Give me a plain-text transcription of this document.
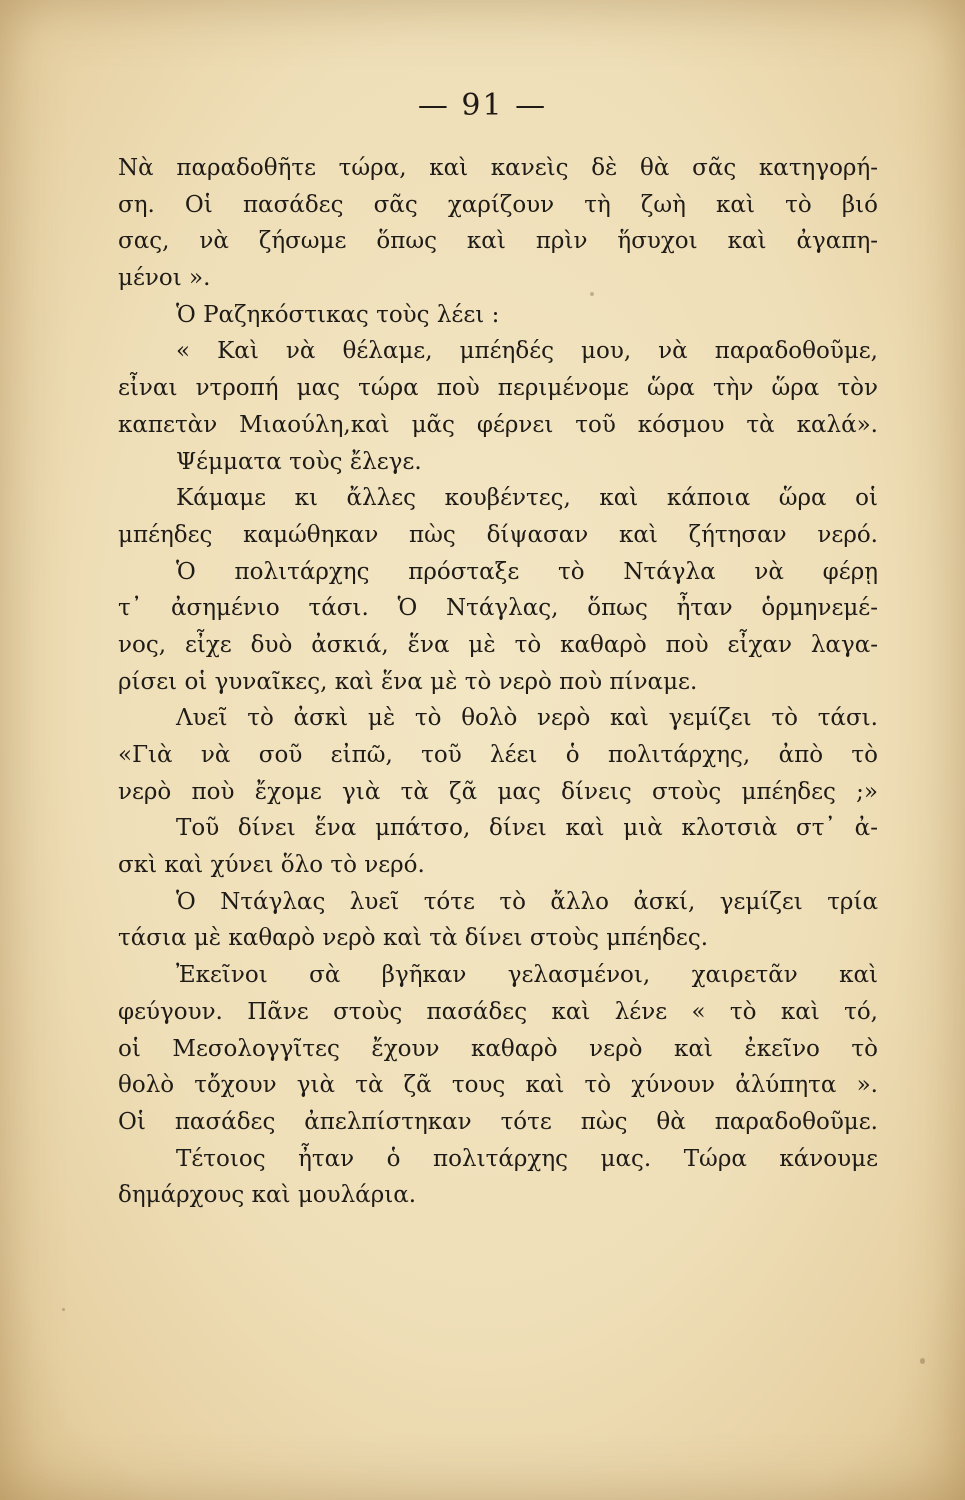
— 91 —
Νὰ παραδοθῆτε τώρα, καὶ κανεὶς δὲ θὰ σᾶς κατηγορή-
ση. Οἱ πασάδες σᾶς χαρίζουν τὴ ζωὴ καὶ τὸ βιό
σας, νὰ ζήσωμε ὅπως καὶ πρὶν ἥσυχοι καὶ ἀγαπη-
μένοι ».
Ὁ Ραζηκόστικας τοὺς λέει :
« Καὶ νὰ θέλαμε, μπέηδές μου, νὰ παραδοθοῦμε,
εἶναι ντροπή μας τώρα ποὺ περιμένομε ὥρα τὴν ὥρα τὸν
καπετὰν Μιαούλη,καὶ μᾶς φέρνει τοῦ κόσμου τὰ καλά».
Ψέμματα τοὺς ἔλεγε.
Κάμαμε κι ἄλλες κουβέντες, καὶ κάποια ὥρα οἱ
μπέηδες καμώθηκαν πὼς δίψασαν καὶ ζήτησαν νερό.
Ὁ πολιτάρχης πρόσταξε τὸ Ντάγλα νὰ φέρῃ
τ᾽ ἀσημένιο τάσι. Ὁ Ντάγλας, ὅπως ἦταν ὁρμηνεμέ-
νος, εἶχε δυὸ ἀσκιά, ἕνα μὲ τὸ καθαρὸ ποὺ εἶχαν λαγα-
ρίσει οἱ γυναῖκες, καὶ ἕνα μὲ τὸ νερὸ ποὺ πίναμε.
Λυεῖ τὸ ἀσκὶ μὲ τὸ θολὸ νερὸ καὶ γεμίζει τὸ τάσι.
«Γιὰ νὰ σοῦ εἰπῶ, τοῦ λέει ὁ πολιτάρχης, ἀπὸ τὸ
νερὸ ποὺ ἔχομε γιὰ τὰ ζᾶ μας δίνεις στοὺς μπέηδες ;»
Τοῦ δίνει ἕνα μπάτσο, δίνει καὶ μιὰ κλοτσιὰ στ᾽ ἀ-
σκὶ καὶ χύνει ὅλο τὸ νερό.
Ὁ Ντάγλας λυεῖ τότε τὸ ἄλλο ἀσκί, γεμίζει τρία
τάσια μὲ καθαρὸ νερὸ καὶ τὰ δίνει στοὺς μπέηδες.
Ἐκεῖνοι σὰ βγῆκαν γελασμένοι, χαιρετᾶν καὶ
φεύγουν. Πᾶνε στοὺς πασάδες καὶ λένε « τὸ καὶ τό,
οἱ Μεσολογγῖτες ἔχουν καθαρὸ νερὸ καὶ ἐκεῖνο τὸ
θολὸ τὄχουν γιὰ τὰ ζᾶ τους καὶ τὸ χύνουν ἀλύπητα ».
Οἱ πασάδες ἀπελπίστηκαν τότε πὼς θὰ παραδοθοῦμε.
Τέτοιος ἦταν ὁ πολιτάρχης μας. Τώρα κάνουμε
δημάρχους καὶ μουλάρια.
